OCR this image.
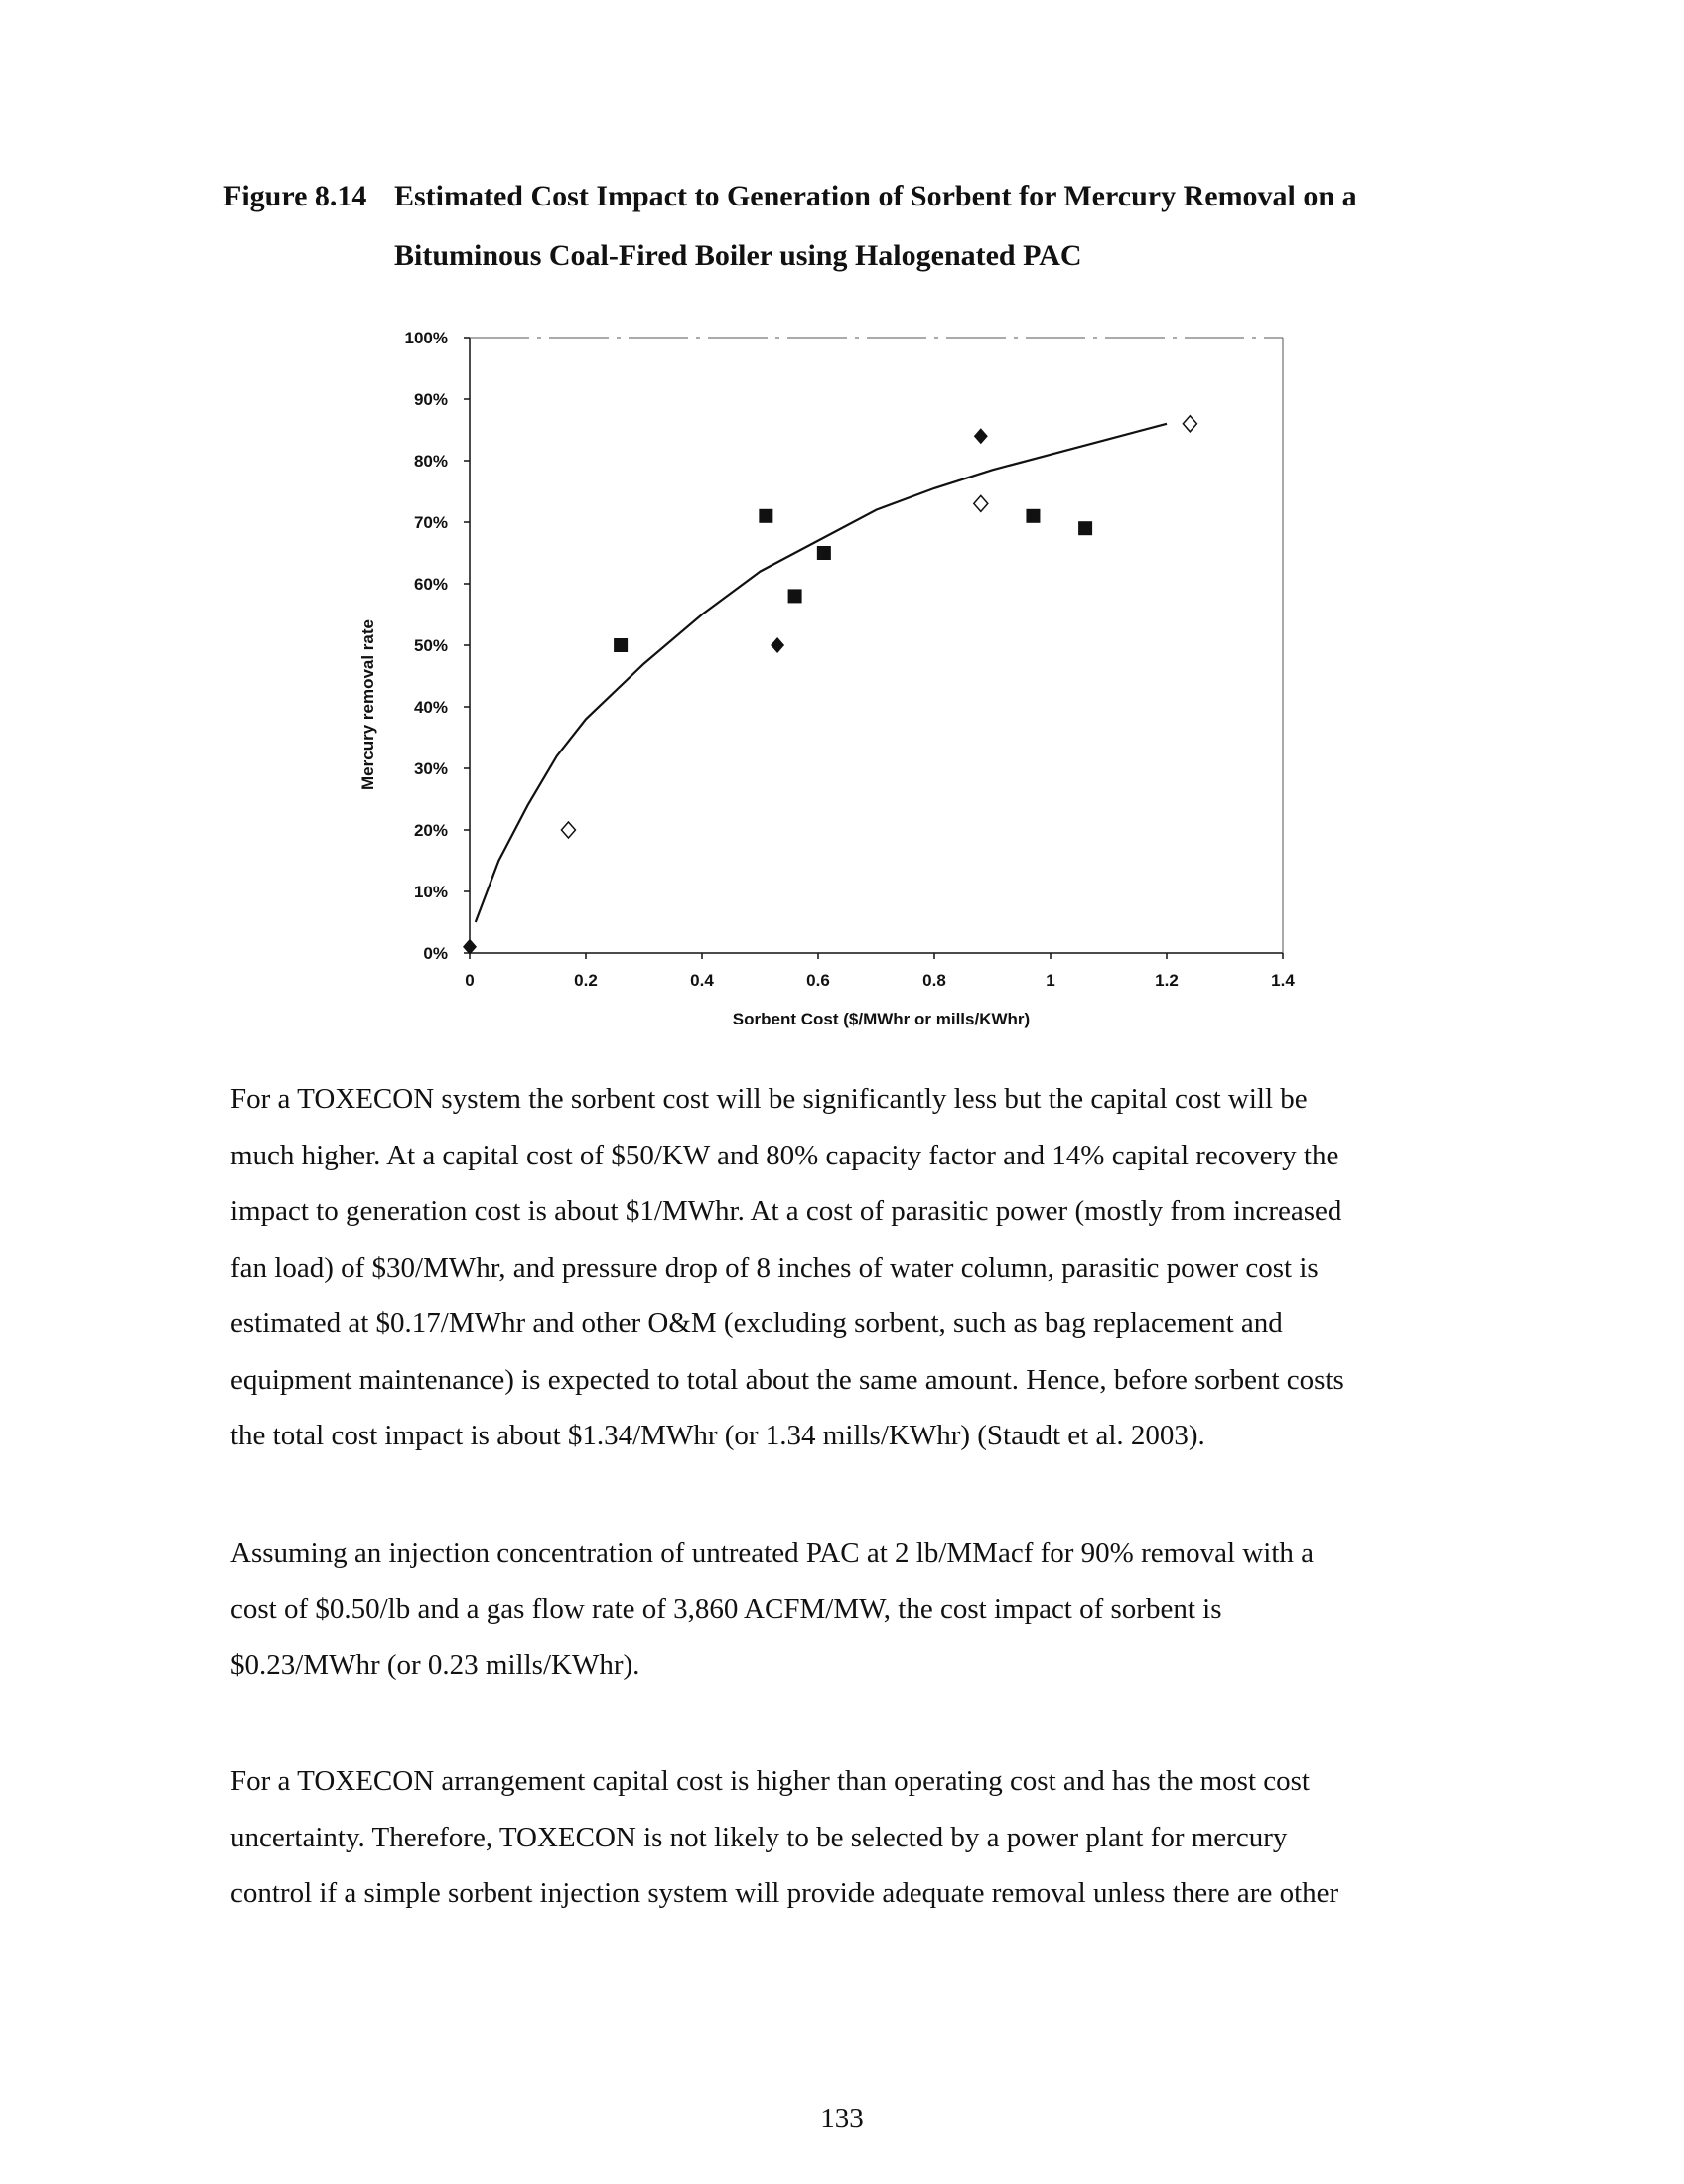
Figure 8.14 Estimated Cost Impact to Generation of Sorbent for Mercury Removal on a
Bituminous Coal-Fired Boiler using Halogenated PAC
0%
10%
20%
30%
40%
50%
60%
70%
80%
90%
100%
0	0.2	0.4	0.6	0.8	1	1.2	1.4
Sorbent Cost ($/MWhr or mills/KWhr)
Mercury removal rate
For a TOXECON system the sorbent cost will be significantly less but the capital cost will be
much higher. At a capital cost of $50/KW and 80% capacity factor and 14% capital recovery the
impact to generation cost is about $1/MWhr. At a cost of parasitic power (mostly from increased
fan load) of $30/MWhr, and pressure drop of 8 inches of water column, parasitic power cost is
estimated at $0.17/MWhr and other O&M (excluding sorbent, such as bag replacement and
equipment maintenance) is expected to total about the same amount. Hence, before sorbent costs
the total cost impact is about $1.34/MWhr (or 1.34 mills/KWhr) (Staudt et al. 2003).
Assuming an injection concentration of untreated PAC at 2 lb/MMacf for 90% removal with a
cost of $0.50/lb and a gas flow rate of 3,860 ACFM/MW, the cost impact of sorbent is
$0.23/MWhr (or 0.23 mills/KWhr).
For a TOXECON arrangement capital cost is higher than operating cost and has the most cost
uncertainty. Therefore, TOXECON is not likely to be selected by a power plant for mercury
control if a simple sorbent injection system will provide adequate removal unless there are other
133
